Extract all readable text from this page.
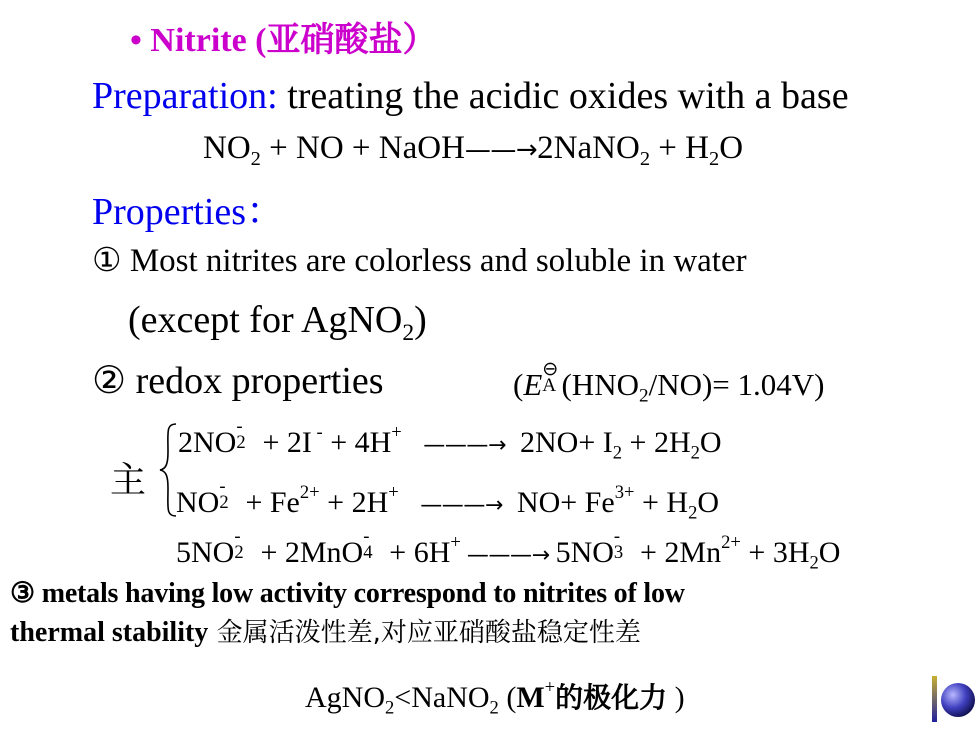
• Nitrite (亚硝酸盐）
Preparation: treating the acidic oxides with a base
$NO_2$ + NO + NaOH——→2NaNO$_2$ + $H_2O$
Properties：
① Most nitrites are colorless and soluble in water
(except for AgNO$_2$)
② redox properties	(E ⊖
A $(HNO_2/NO)= 1.04V$)
主
2NO -
2 + 2I - + 4H+ ———→ $2NO+ I_2 + 2H_2O$
NO -
$2 + Fe^{2+} + 2H^+$ ———→ $NO+ Fe^{3+} + H_2O$
5NO -
2 + 2MnO -
4 + 6H+———→ 5NO -
$3 + 2Mn^{2+} + 3H_2O$
③ metals having low activity correspond to nitrites of low
thermal stability 金属活泼性差,对应亚硝酸盐稳定性差
AgNO$_2$<NaNO$_2$ (M+的极化力 )
